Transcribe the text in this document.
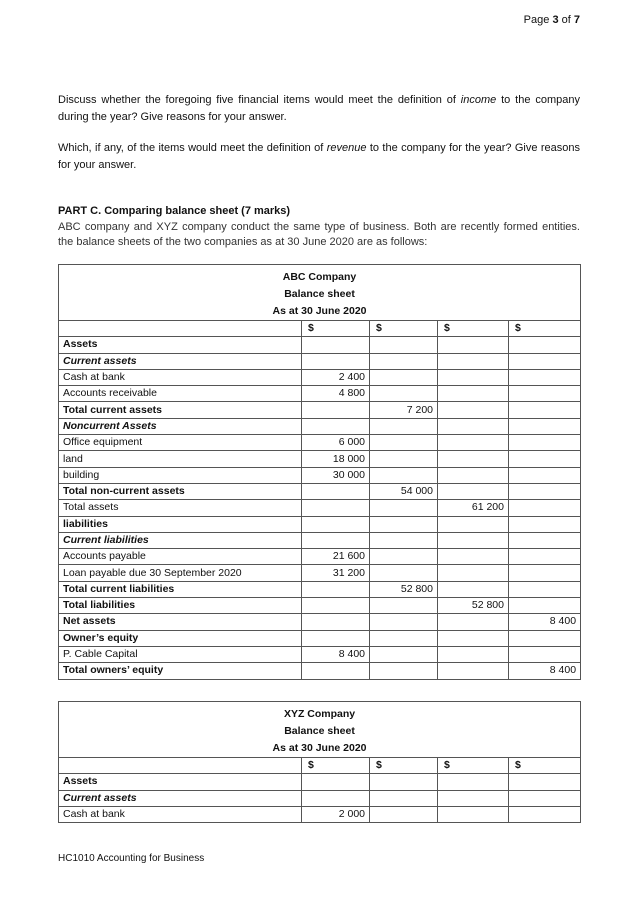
Page 3 of 7

Discuss whether the foregoing five financial items would meet the definition of income to the company during the year? Give reasons for your answer.

Which, if any, of the items would meet the definition of revenue to the company for the year? Give reasons for your answer.

PART C. Comparing balance sheet (7 marks)

ABC company and XYZ company conduct the same type of business. Both are recently formed entities. the balance sheets of the two companies as at 30 June 2020 are as follows:

ABC Company
Balance sheet
As at 30 June 2020				

	$	$	$	$
Assets				
Current assets				
Cash at bank	2 400			
Accounts receivable	4 800			
Total current assets		7 200		
Noncurrent Assets				
Office equipment	6 000			
land	18 000			
building	30 000			
Total non-current assets		54 000		
Total assets			61 200	
liabilities				
Current liabilities				
Accounts payable	21 600			
Loan payable due 30 September 2020	31 200			
Total current liabilities		52 800		
Total liabilities			52 800	
Net assets				8 400
Owner’s equity				
P. Cable Capital	8 400			
Total owners’ equity				8 400
XYZ Company
Balance sheet
As at 30 June 2020				

	$	$	$	$
Assets				
Current assets				
Cash at bank	2 000			
HC1010 Accounting for Business
